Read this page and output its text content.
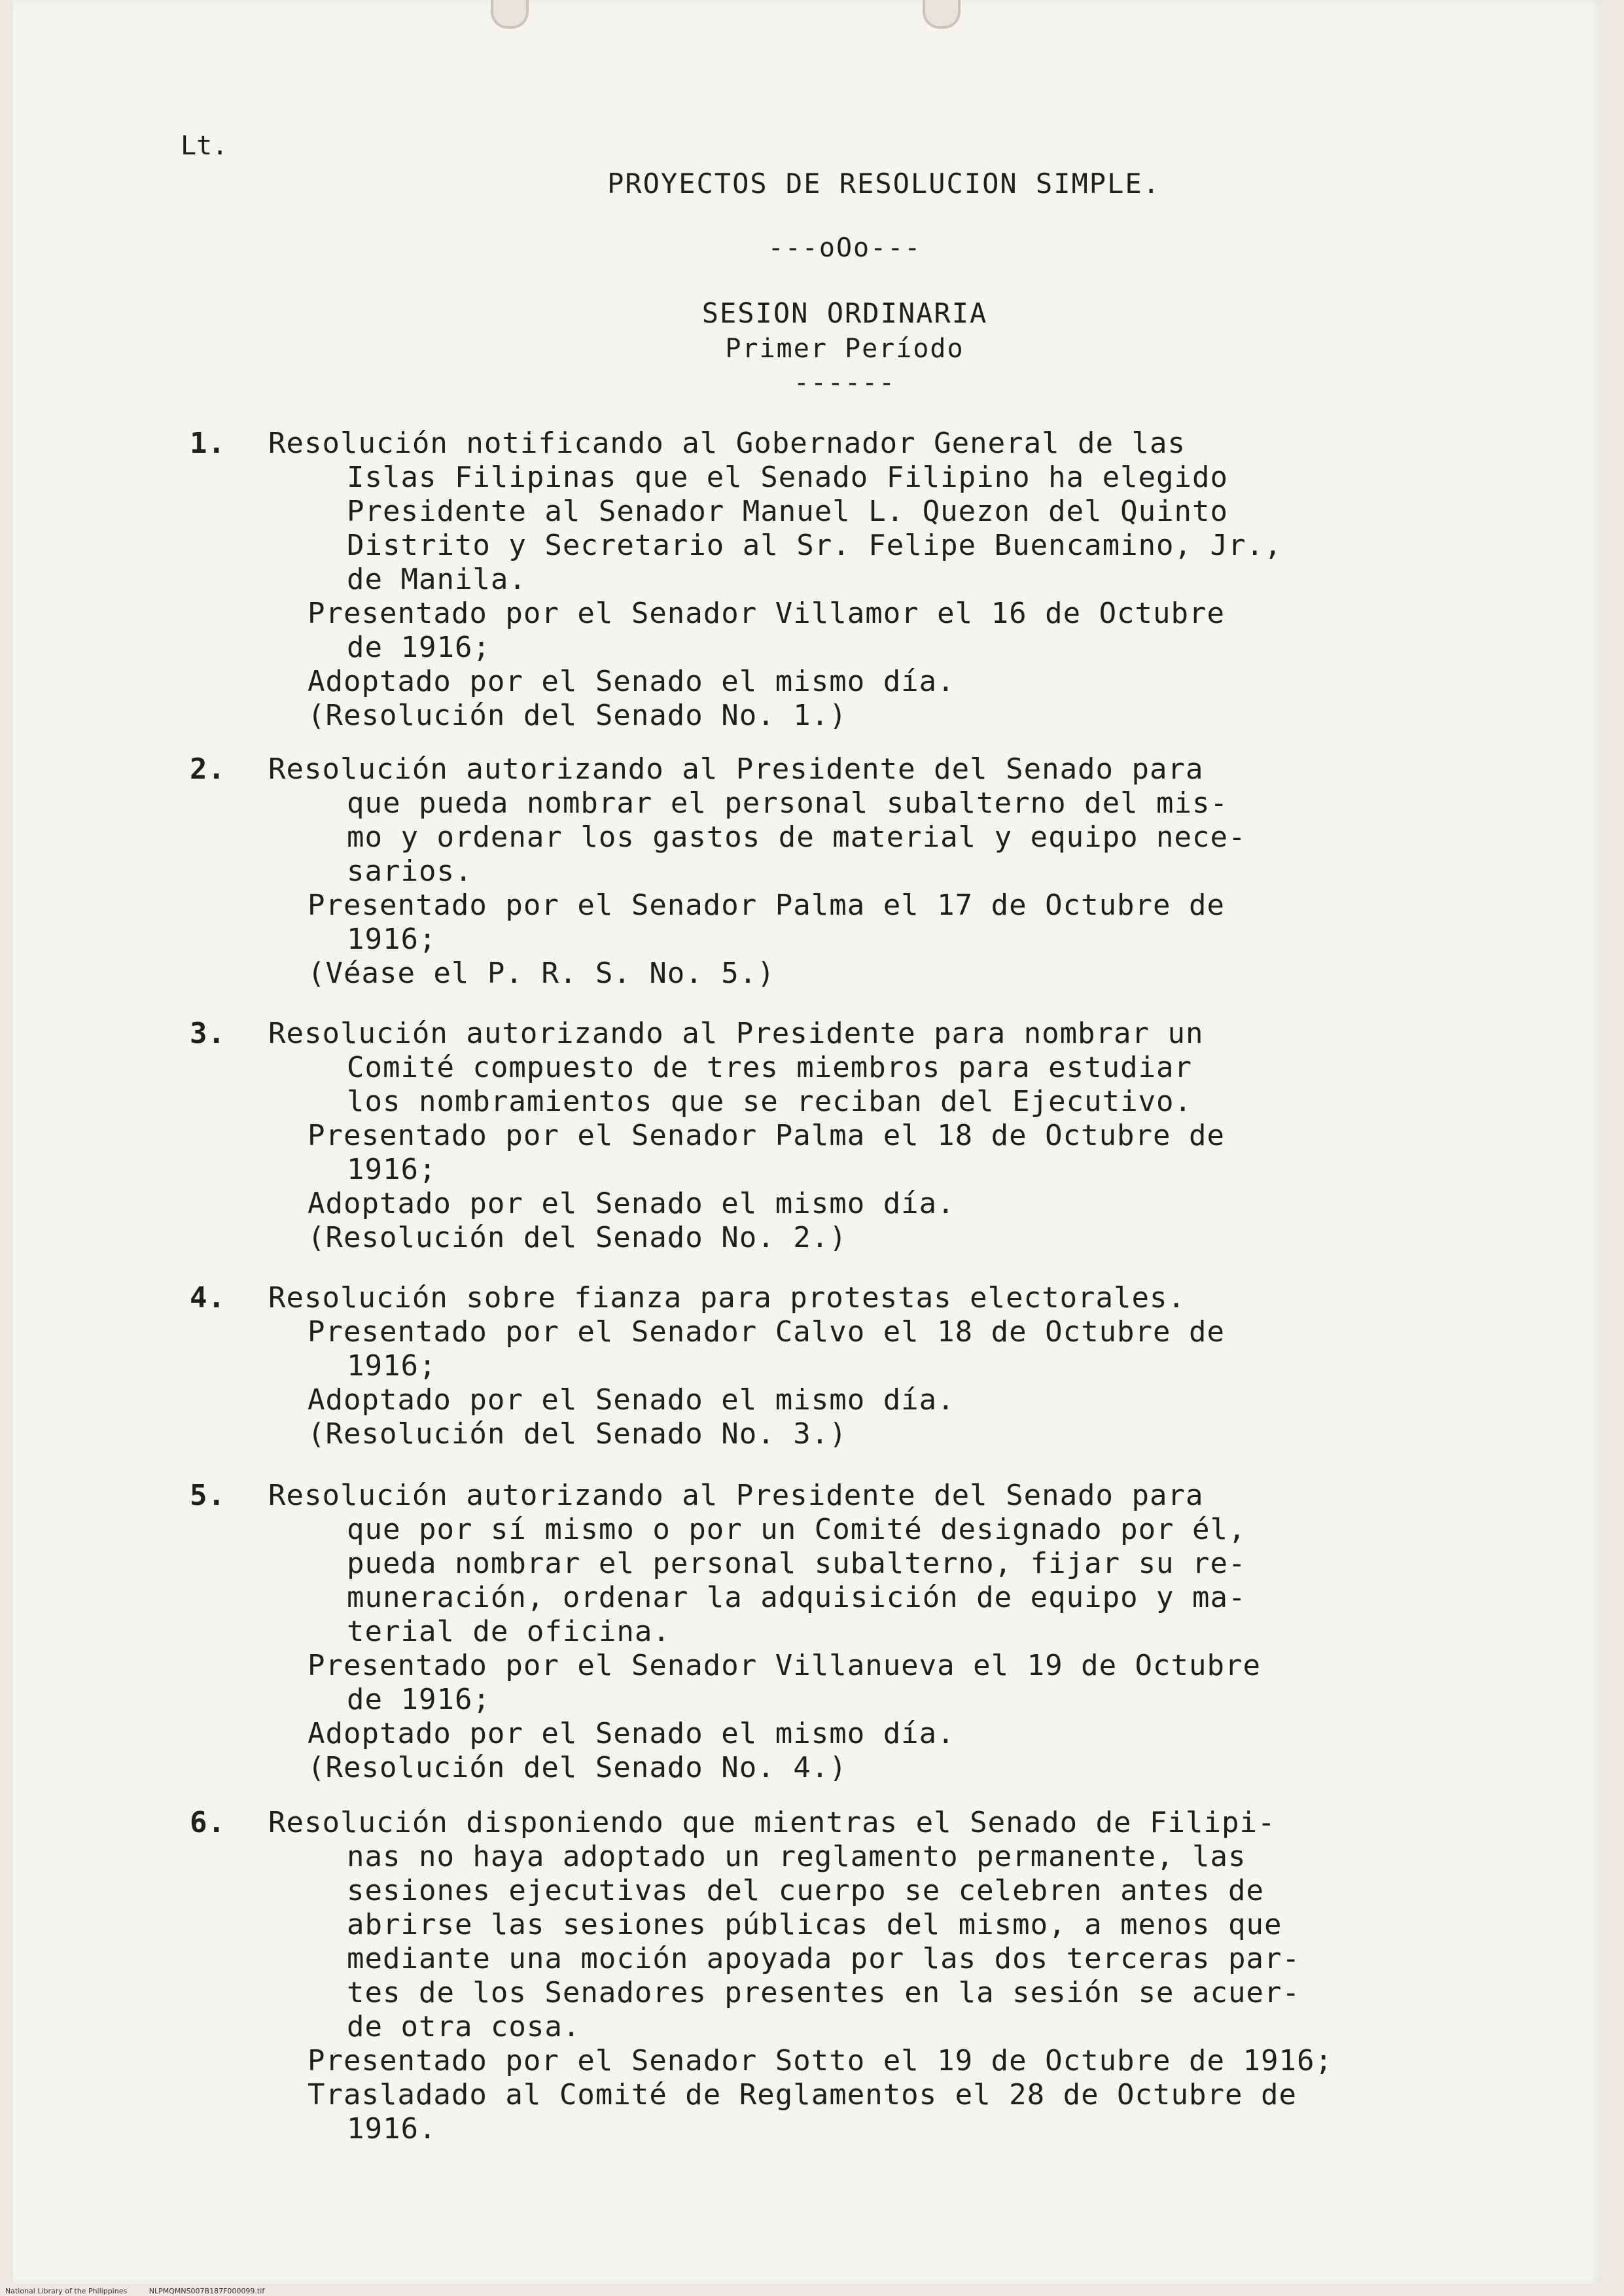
Lt.
PROYECTOS DE RESOLUCION SIMPLE.
---oOo---
SESION ORDINARIA
Primer Período
------
1.	Resolución notificando al Gobernador General de las
Islas Filipinas que el Senado Filipino ha elegido
Presidente al Senador Manuel L. Quezon del Quinto
Distrito y Secretario al Sr. Felipe Buencamino, Jr.,
de Manila.
Presentado por el Senador Villamor el 16 de Octubre
de 1916;
Adoptado por el Senado el mismo día.
(Resolución del Senado No. 1.)
2.	Resolución autorizando al Presidente del Senado para
que pueda nombrar el personal subalterno del mis-
mo y ordenar los gastos de material y equipo nece-
sarios.
Presentado por el Senador Palma el 17 de Octubre de
1916;
(Véase el P. R. S. No. 5.)
3.	Resolución autorizando al Presidente para nombrar un
Comité compuesto de tres miembros para estudiar
los nombramientos que se reciban del Ejecutivo.
Presentado por el Senador Palma el 18 de Octubre de
1916;
Adoptado por el Senado el mismo día.
(Resolución del Senado No. 2.)
4.	Resolución sobre fianza para protestas electorales.
Presentado por el Senador Calvo el 18 de Octubre de
1916;
Adoptado por el Senado el mismo día.
(Resolución del Senado No. 3.)
5.	Resolución autorizando al Presidente del Senado para
que por sí mismo o por un Comité designado por él,
pueda nombrar el personal subalterno, fijar su re-
muneración, ordenar la adquisición de equipo y ma-
terial de oficina.
Presentado por el Senador Villanueva el 19 de Octubre
de 1916;
Adoptado por el Senado el mismo día.
(Resolución del Senado No. 4.)
6.	Resolución disponiendo que mientras el Senado de Filipi-
nas no haya adoptado un reglamento permanente, las
sesiones ejecutivas del cuerpo se celebren antes de
abrirse las sesiones públicas del mismo, a menos que
mediante una moción apoyada por las dos terceras par-
tes de los Senadores presentes en la sesión se acuer-
de otra cosa.
Presentado por el Senador Sotto el 19 de Octubre de 1916;
Trasladado al Comité de Reglamentos el 28 de Octubre de
1916.
National Library of the Philippines	NLPMQMNS007B187F000099.tif
